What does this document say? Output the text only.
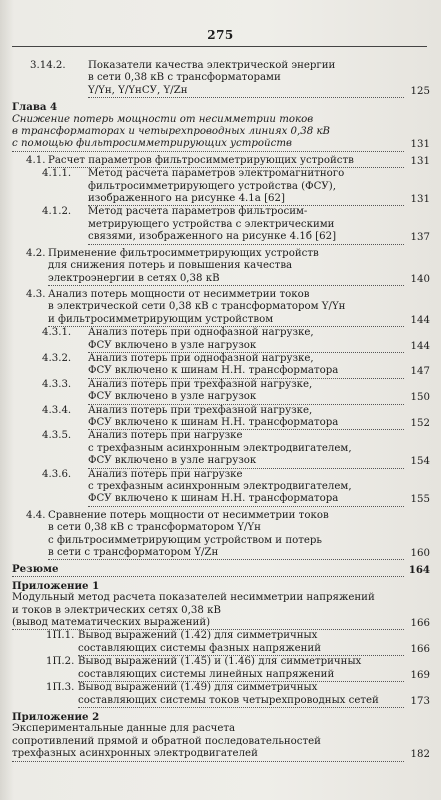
275
3.14.2. Показатели качества электрической энергии
в сети 0,38 кВ с трансформаторами
Y/Yн, Y/YнСУ, Y/Zн	125
Глава 4
Снижение потерь мощности от несимметрии токов
в трансформаторах и четырехпроводных линиях 0,38 кВ
с помощью фильтросимметрирующих устройств	131
4.1. Расчет параметров фильтросимметрирующих устройств	131
4.1.1. Метод расчета параметров электромагнитного
фильтросимметрирующего устройства (ФСУ),
изображенного на рисунке 4.1а [62]	131
4.1.2. Метод расчета параметров фильтросим-
метрирующего устройства с электрическими
связями, изображенного на рисунке 4.1б [62]	137
4.2. Применение фильтросимметрирующих устройств
для снижения потерь и повышения качества
электроэнергии в сетях 0,38 кВ	140
4.3. Анализ потерь мощности от несимметрии токов
в электрической сети 0,38 кВ с трансформатором Y/Yн
и фильтросимметрирующим устройством	144
4.3.1. Анализ потерь при однофазной нагрузке,
ФСУ включено в узле нагрузок	144
4.3.2. Анализ потерь при однофазной нагрузке,
ФСУ включено к шинам Н.Н. трансформатора	147
4.3.3. Анализ потерь при трехфазной нагрузке,
ФСУ включено в узле нагрузок	150
4.3.4. Анализ потерь при трехфазной нагрузке,
ФСУ включено к шинам Н.Н. трансформатора	152
4.3.5. Анализ потерь при нагрузке
с трехфазным асинхронным электродвигателем,
ФСУ включено в узле нагрузок	154
4.3.6. Анализ потерь при нагрузке
с трехфазным асинхронным электродвигателем,
ФСУ включено к шинам Н.Н. трансформатора	155
4.4. Сравнение потерь мощности от несимметрии токов
в сети 0,38 кВ с трансформатором Y/Yн
с фильтросимметрирующим устройством и потерь
в сети с трансформатором Y/Zн	160
Резюме	164
Приложение 1
Модульный метод расчета показателей несимметрии напряжений
и токов в электрических сетях 0,38 кВ
(вывод математических выражений)	166
1П.1. Вывод выражений (1.42) для симметричных
составляющих системы фазных напряжений	166
1П.2. Вывод выражений (1.45) и (1.46) для симметричных
составляющих системы линейных напряжений	169
1П.3. Вывод выражений (1.49) для симметричных
составляющих системы токов четырехпроводных сетей	173
Приложение 2
Экспериментальные данные для расчета
сопротивлений прямой и обратной последовательностей
трехфазных асинхронных электродвигателей	182
